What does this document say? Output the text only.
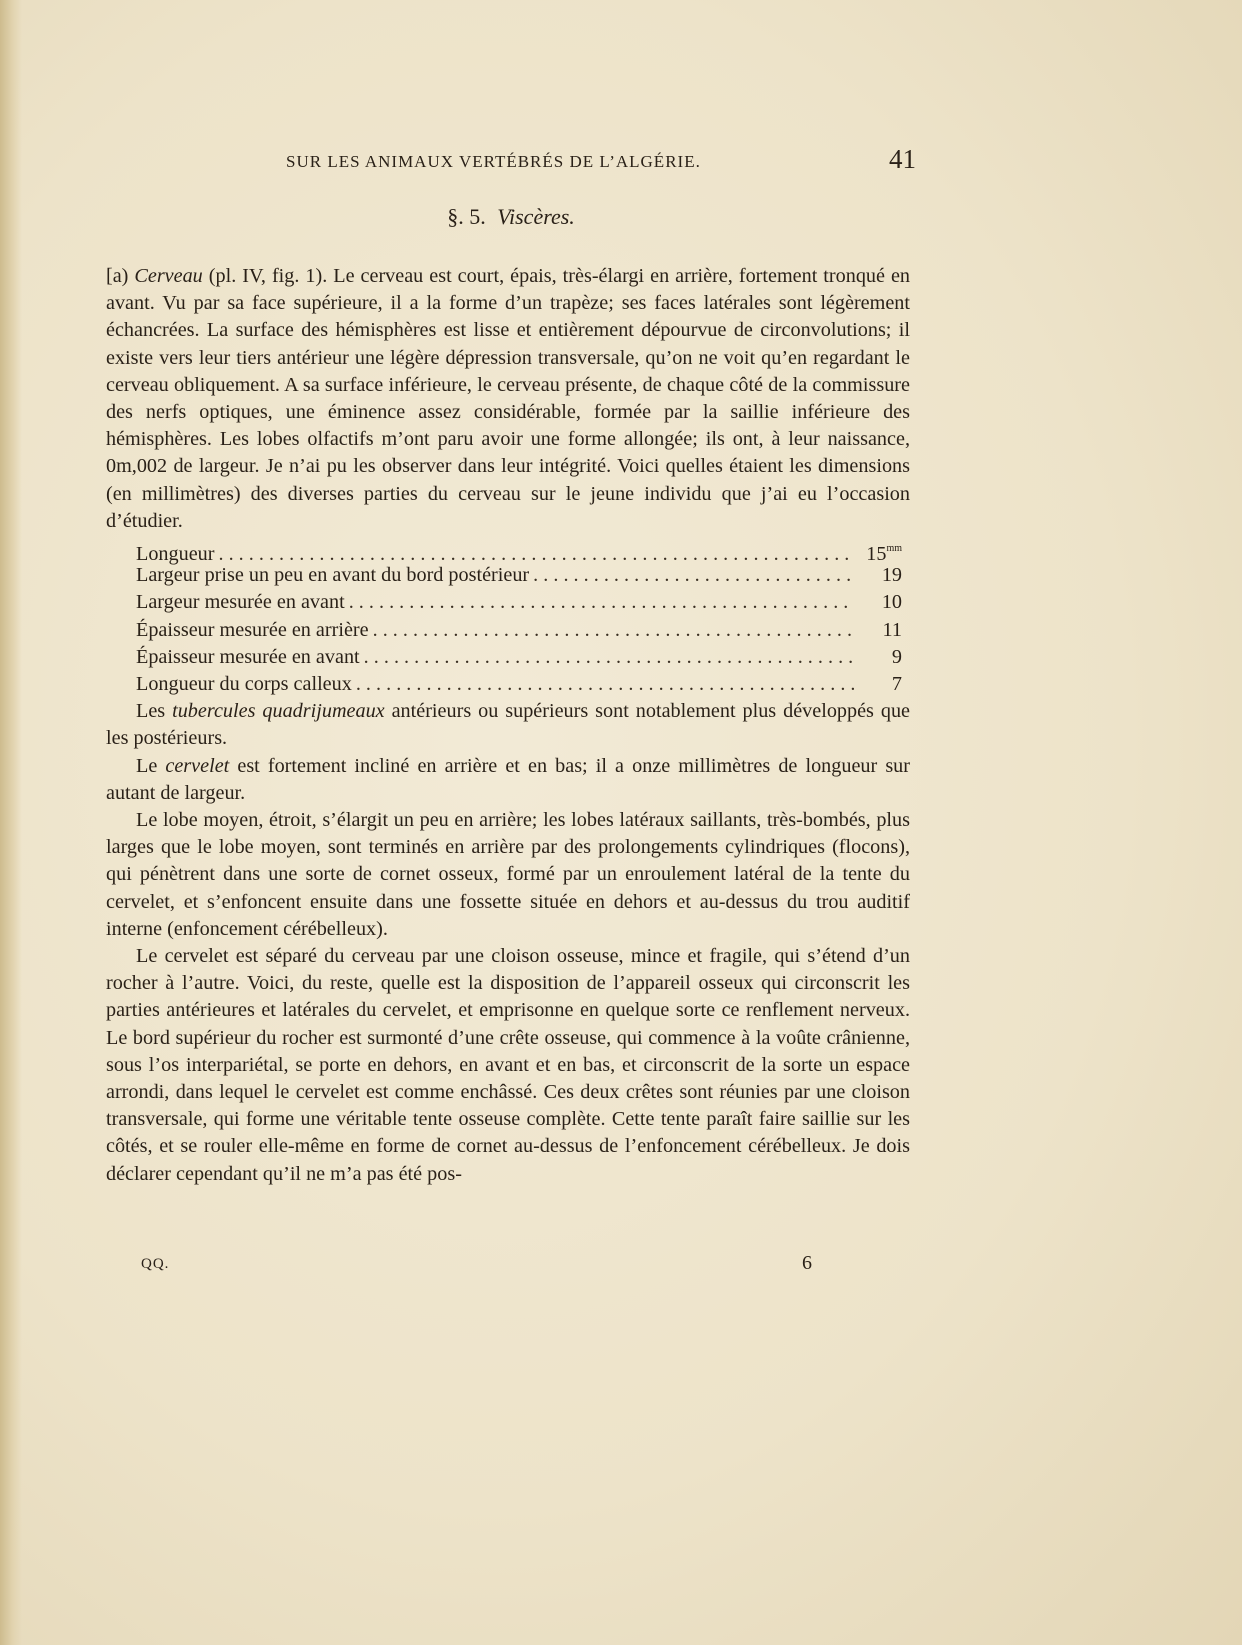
SUR LES ANIMAUX VERTÉBRÉS DE L’ALGÉRIE.	41
§. 5. Viscères.

[a) Cerveau (pl. IV, fig. 1). Le cerveau est court, épais, très-élargi en arrière, fortement tronqué en avant. Vu par sa face supérieure, il a la forme d’un trapèze; ses faces latérales sont légèrement échancrées. La surface des hémisphères est lisse et entièrement dépourvue de circonvolutions; il existe vers leur tiers antérieur une légère dépression transversale, qu’on ne voit qu’en regardant le cerveau obliquement. A sa surface inférieure, le cerveau présente, de chaque côté de la commissure des nerfs optiques, une éminence assez considérable, formée par la saillie inférieure des hémisphères. Les lobes olfactifs m’ont paru avoir une forme allongée; ils ont, à leur naissance, 0m,002 de largeur. Je n’ai pu les observer dans leur intégrité. Voici quelles étaient les dimensions (en millimètres) des diverses parties du cerveau sur le jeune individu que j’ai eu l’occasion d’étudier.

Longueur . . .	$15^{mm}$
Largeur prise un peu en avant du bord postérieur . . .	19
Largeur mesurée en avant . . .	10
Épaisseur mesurée en arrière . . .	11
Épaisseur mesurée en avant . . .	9
Longueur du corps calleux . . .	7

Les tubercules quadrijumeaux antérieurs ou supérieurs sont notablement plus développés que les postérieurs.

Le cervelet est fortement incliné en arrière et en bas; il a onze millimètres de longueur sur autant de largeur.

Le lobe moyen, étroit, s’élargit un peu en arrière; les lobes latéraux saillants, très-bombés, plus larges que le lobe moyen, sont terminés en arrière par des prolongements cylindriques (flocons), qui pénètrent dans une sorte de cornet osseux, formé par un enroulement latéral de la tente du cervelet, et s’enfoncent ensuite dans une fossette située en dehors et au-dessus du trou auditif interne (enfoncement cérébelleux).

Le cervelet est séparé du cerveau par une cloison osseuse, mince et fragile, qui s’étend d’un rocher à l’autre. Voici, du reste, quelle est la disposition de l’appareil osseux qui circonscrit les parties antérieures et latérales du cervelet, et emprisonne en quelque sorte ce renflement nerveux. Le bord supérieur du rocher est surmonté d’une crête osseuse, qui commence à la voûte crânienne, sous l’os interpariétal, se porte en dehors, en avant et en bas, et circonscrit de la sorte un espace arrondi, dans lequel le cervelet est comme enchâssé. Ces deux crêtes sont réunies par une cloison transversale, qui forme une véritable tente osseuse complète. Cette tente paraît faire saillie sur les côtés, et se rouler elle-même en forme de cornet au-dessus de l’enfoncement cérébelleux. Je dois déclarer cependant qu’il ne m’a pas été pos-

QQ.	6
